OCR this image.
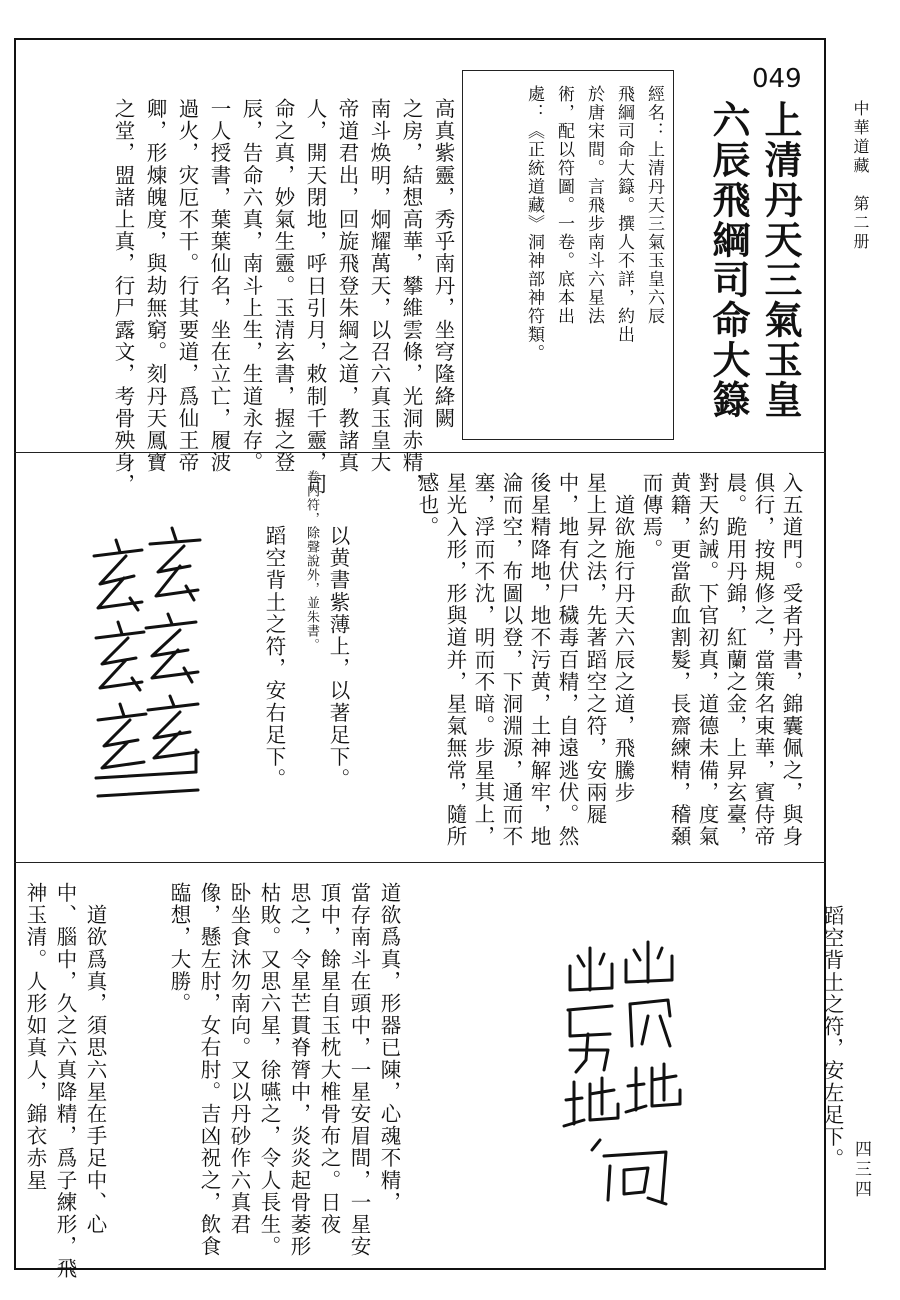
中華道藏　第二册
四三四
049
上清丹天三氣玉皇
六辰飛綱司命大籙
經名：上清丹天三氣玉皇六辰
飛綱司命大籙。撰人不詳，約出
於唐宋間。言飛步南斗六星法
術，配以符圖。一卷。底本出
處：《正統道藏》洞神部神符類。
高真紫靈，秀乎南丹，坐穹隆絳闕
之房，結想高華，攀維雲條，光洞赤精，
南斗焕明，炯耀萬天，以召六真玉皇大
帝道君出，回旋飛登朱綱之道，教諸真
人，開天閉地，呼日引月，敕制千靈，司
命之真，妙氣生靈。玉清玄書，握之登
辰，告命六真，南斗上生，生道永存。
一人授書，葉葉仙名，坐在立亡，履波
過火，灾厄不干。行其要道，爲仙王帝
卿，形煉魄度，與劫無窮。刻丹天鳳寶
之堂，盟諸上真，行尸露文，考骨殃身，
入五道門。受者丹書，錦囊佩之，與身
俱行，按規修之，當策名東華，賓侍帝
晨。跪用丹錦，紅蘭之金，上昇玄臺，
對天約誡。下官初真，道德未備，度氣
黄籍，更當歃血割髮，長齋練精，稽顙
而傳焉。
　道欲施行丹天六辰之道，飛騰步
星上昇之法，先著蹈空之符，安兩屣
中，地有伏尸穢毒百精，自遠逃伏。然
後星精降地，地不污黄，土神解牢，地
淪而空，布圖以登，下洞淵源，通而不
塞，浮而不沈，明而不暗。步星其上，
星光入形，形與道并，星氣無常，隨所
感也。
以黄書紫薄上，以著足下。
卷内符，除聲說外，並朱書。
蹈空背土之符，安右足下。
蹈空背土之符，安左足下。
道欲爲真，形器已陳，心魂不精，
當存南斗在頭中，一星安眉間，一星安
頂中，餘星自玉枕大椎骨布之。日夜
思之，令星芒貫脊膂中，炎炎起骨萎形
枯敗。又思六星，徐嚥之，令人長生。
卧坐食沐勿南向。又以丹砂作六真君
像，懸左肘，女右肘。吉凶祝之，飲食
臨想，大勝。
　道欲爲真，須思六星在手足中、心
中、腦中，久之六真降精，爲子練形，飛
神玉清。人形如真人，錦衣赤星
